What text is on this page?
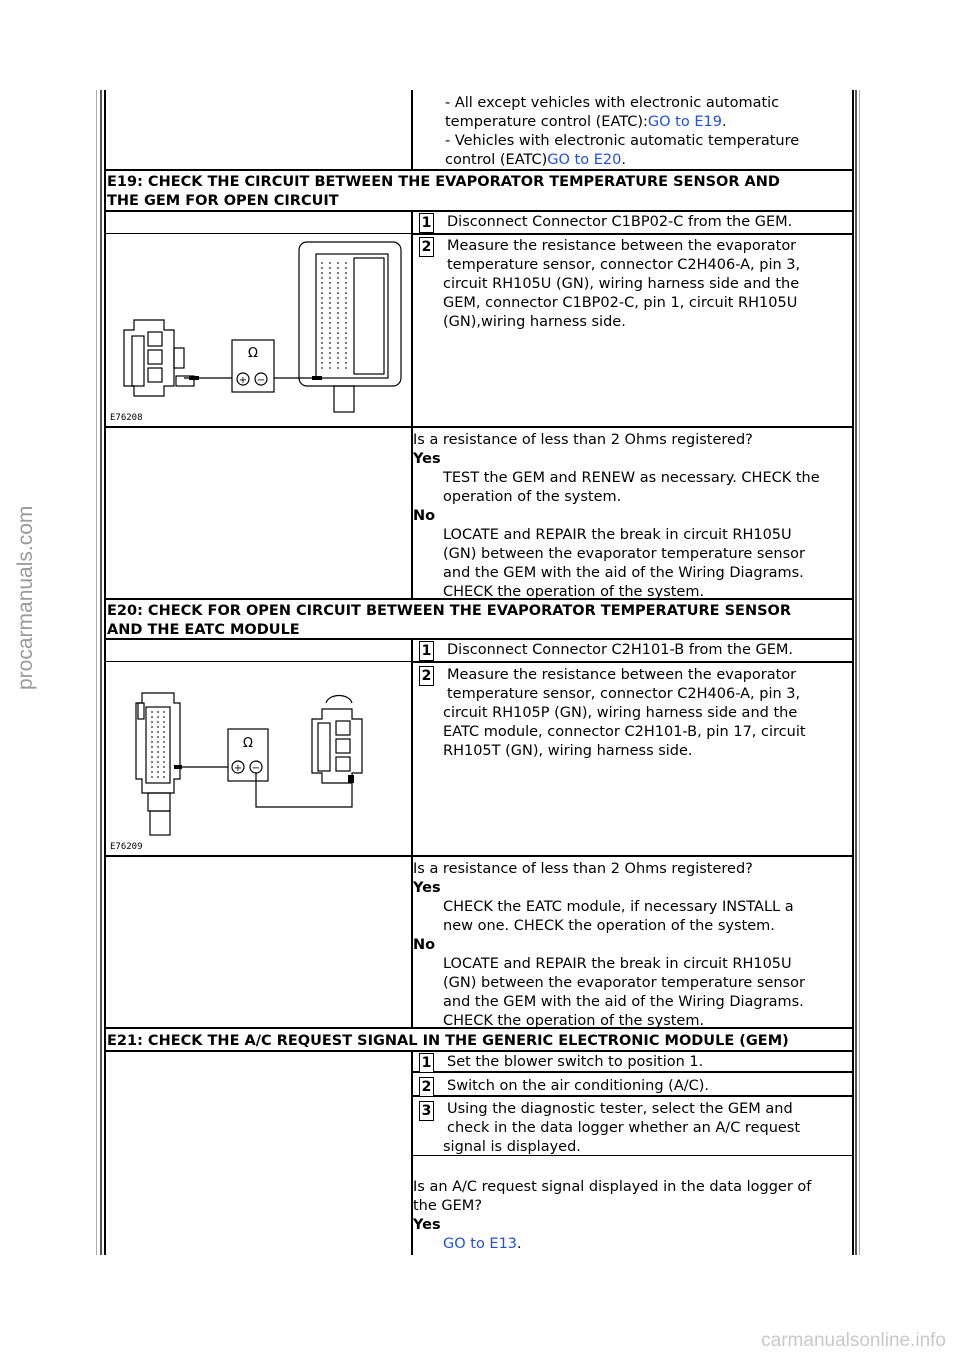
procarmanuals.com
carmanualsonline.info
- All except vehicles with electronic automatic
temperature control (EATC):GO to E19.
- Vehicles with electronic automatic temperature
control (EATC)GO to E20.
E19: CHECK THE CIRCUIT BETWEEN THE EVAPORATOR TEMPERATURE SENSOR AND
THE GEM FOR OPEN CIRCUIT
1 Disconnect Connector C1BP02-C from the GEM.
2 Measure the resistance between the evaporator
temperature sensor, connector C2H406-A, pin 3,
circuit RH105U (GN), wiring harness side and the
GEM, connector C1BP02-C, pin 1, circuit RH105U
(GN),wiring harness side.
Ω
+ −
E76208
Is a resistance of less than 2 Ohms registered?
Yes
TEST the GEM and RENEW as necessary. CHECK the
operation of the system.
No
LOCATE and REPAIR the break in circuit RH105U
(GN) between the evaporator temperature sensor
and the GEM with the aid of the Wiring Diagrams.
CHECK the operation of the system.
E20: CHECK FOR OPEN CIRCUIT BETWEEN THE EVAPORATOR TEMPERATURE SENSOR
AND THE EATC MODULE
1 Disconnect Connector C2H101-B from the GEM.
2 Measure the resistance between the evaporator
temperature sensor, connector C2H406-A, pin 3,
circuit RH105P (GN), wiring harness side and the
EATC module, connector C2H101-B, pin 17, circuit
RH105T (GN), wiring harness side.
Ω
+ −
E76209
Is a resistance of less than 2 Ohms registered?
Yes
CHECK the EATC module, if necessary INSTALL a
new one. CHECK the operation of the system.
No
LOCATE and REPAIR the break in circuit RH105U
(GN) between the evaporator temperature sensor
and the GEM with the aid of the Wiring Diagrams.
CHECK the operation of the system.
E21: CHECK THE A/C REQUEST SIGNAL IN THE GENERIC ELECTRONIC MODULE (GEM)
1 Set the blower switch to position 1.
2 Switch on the air conditioning (A/C).
3 Using the diagnostic tester, select the GEM and
check in the data logger whether an A/C request
signal is displayed.
Is an A/C request signal displayed in the data logger of
the GEM?
Yes
GO to E13.
